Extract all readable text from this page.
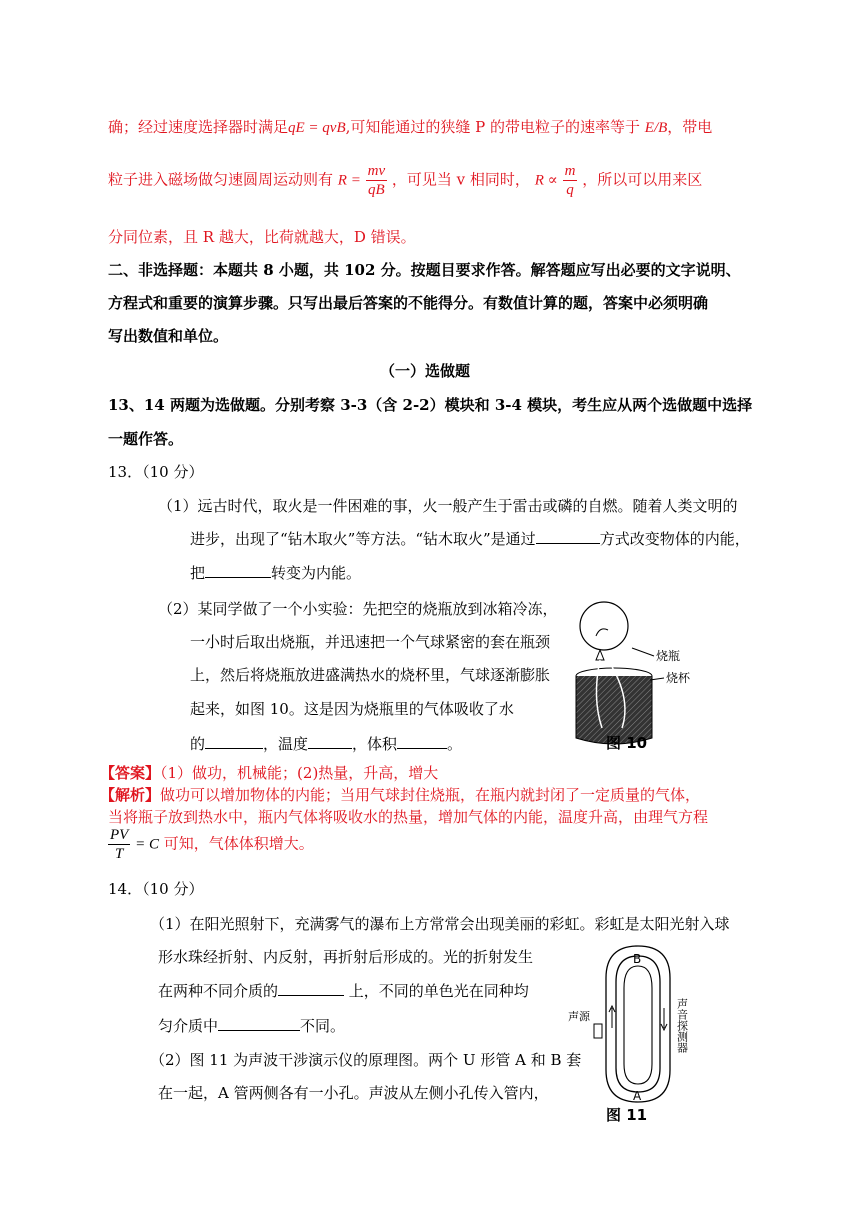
确；经过速度选择器时满足qE = qvB,可知能通过的狭缝 P 的带电粒子的速率等于 E/B，带电
粒子进入磁场做匀速圆周运动则有 $R = \frac{mv}{qB}$ ，可见当 v 相同时， $R \propto \frac{m}{q}$ ，所以可以用来区
分同位素，且 R 越大，比荷就越大，D 错误。
二、非选择题：本题共 8 小题，共 102 分。按题目要求作答。解答题应写出必要的文字说明、
方程式和重要的演算步骤。只写出最后答案的不能得分。有数值计算的题，答案中必须明确
写出数值和单位。
（一）选做题
13、14 两题为选做题。分别考察 3-3（含 2-2）模块和 3-4 模块，考生应从两个选做题中选择
一题作答。
13．（10 分）
（1）远古时代，取火是一件困难的事，火一般产生于雷击或磷的自燃。随着人类文明的
进步，出现了“钻木取火”等方法。“钻木取火”是通过	方式改变物体的内能，
把	转变为内能。
（2）某同学做了一个小实验：先把空的烧瓶放到冰箱冷冻，
一小时后取出烧瓶，并迅速把一个气球紧密的套在瓶颈
上，然后将烧瓶放进盛满热水的烧杯里，气球逐渐膨胀
起来，如图 10。这是因为烧瓶里的气体吸收了水
的	，温度	，体积	。
烧瓶
烧杯
图 10
【答案】（1）做功，机械能；(2)热量，升高，增大
【解析】做功可以增加物体的内能；当用气球封住烧瓶，在瓶内就封闭了一定质量的气体，
当将瓶子放到热水中，瓶内气体将吸收水的热量，增加气体的内能，温度升高，由理气方程
$\frac{PV}{T} = C$ 可知，气体体积增大。
14．（10 分）
（1）在阳光照射下，充满雾气的瀑布上方常常会出现美丽的彩虹。彩虹是太阳光射入球
形水珠经折射、内反射，再折射后形成的。光的折射发生
在两种不同介质的	上，不同的单色光在同种均
匀介质中	不同。
（2）图 11 为声波干涉演示仪的原理图。两个 U 形管 A 和 B 套
在一起，A 管两侧各有一小孔。声波从左侧小孔传入管内，
B
A
声源	声音探测器
图 11
